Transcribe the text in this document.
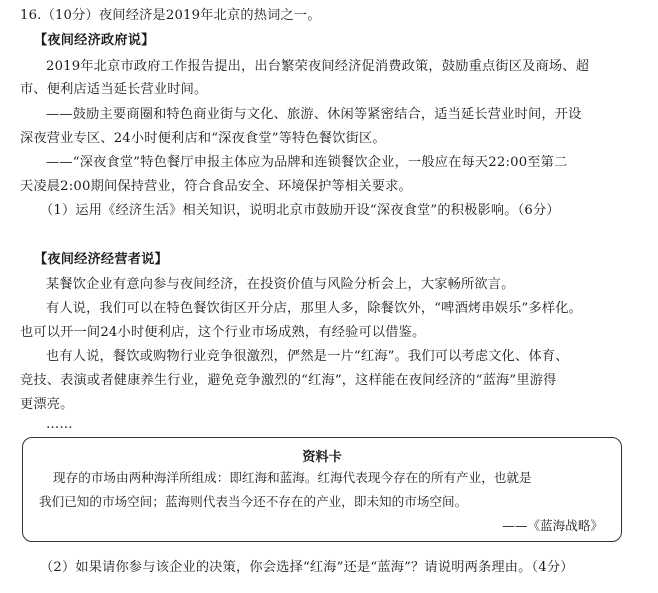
16.（10分）夜间经济是2019年北京的热词之一。
【夜间经济政府说】
2019年北京市政府工作报告提出，出台繁荣夜间经济促消费政策，鼓励重点街区及商场、超
市、便利店适当延长营业时间。
——鼓励主要商圈和特色商业街与文化、旅游、休闲等紧密结合，适当延长营业时间，开设
深夜营业专区、24小时便利店和“深夜食堂”等特色餐饮街区。
——“深夜食堂”特色餐厅申报主体应为品牌和连锁餐饮企业，一般应在每天22:00至第二
天凌晨2:00期间保持营业，符合食品安全、环境保护等相关要求。
（1）运用《经济生活》相关知识，说明北京市鼓励开设“深夜食堂”的积极影响。（6分）
【夜间经济经营者说】
某餐饮企业有意向参与夜间经济，在投资价值与风险分析会上，大家畅所欲言。
有人说，我们可以在特色餐饮街区开分店，那里人多，除餐饮外，“啤酒烤串娱乐”多样化。
也可以开一间24小时便利店，这个行业市场成熟，有经验可以借鉴。
也有人说，餐饮或购物行业竞争很激烈，俨然是一片“红海”。我们可以考虑文化、体育、
竞技、表演或者健康养生行业，避免竞争激烈的“红海”，这样能在夜间经济的“蓝海”里游得
更漂亮。
……
资料卡
现存的市场由两种海洋所组成：即红海和蓝海。红海代表现今存在的所有产业，也就是
我们已知的市场空间；蓝海则代表当今还不存在的产业，即未知的市场空间。
——《蓝海战略》
（2）如果请你参与该企业的决策，你会选择“红海”还是“蓝海”？请说明两条理由。（4分）
